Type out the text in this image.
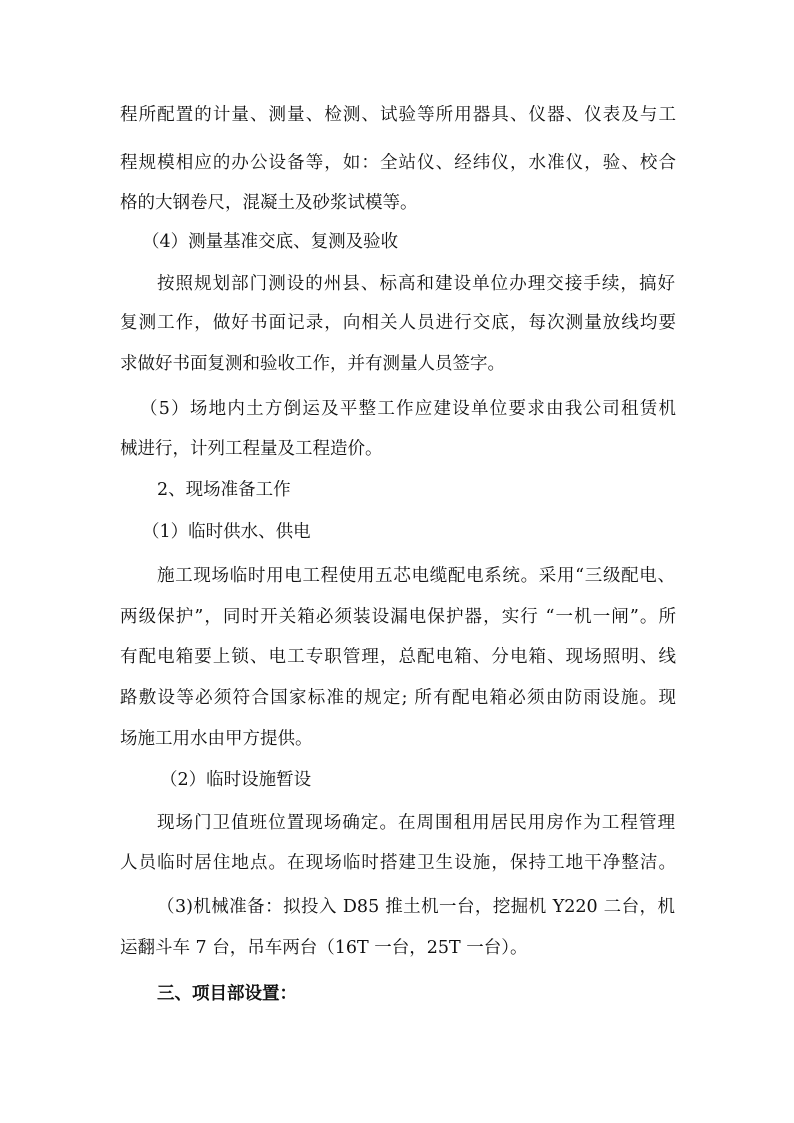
程所配置的计量、测量、检测、试验等所用器具、仪器、仪表及与工
程规模相应的办公设备等，如：全站仪、经纬仪，水准仪，验、校合
格的大钢卷尺，混凝土及砂浆试模等。
（4）测量基准交底、复测及验收
按照规划部门测设的州县、标高和建设单位办理交接手续，搞好
复测工作，做好书面记录，向相关人员进行交底，每次测量放线均要
求做好书面复测和验收工作，并有测量人员签字。
（5）场地内土方倒运及平整工作应建设单位要求由我公司租赁机
械进行，计列工程量及工程造价。
2、现场准备工作
（1）临时供水、供电
施工现场临时用电工程使用五芯电缆配电系统。采用“三级配电、
两级保护”，同时开关箱必须装设漏电保护器，实行 “一机一闸”。所
有配电箱要上锁、电工专职管理，总配电箱、分电箱、现场照明、线
路敷设等必须符合国家标准的规定; 所有配电箱必须由防雨设施。现
场施工用水由甲方提供。
（2）临时设施暂设
现场门卫值班位置现场确定。在周围租用居民用房作为工程管理
人员临时居住地点。在现场临时搭建卫生设施，保持工地干净整洁。
（3)机械准备：拟投入 D85 推土机一台，挖掘机 Y220 二台，机
运翻斗车 7 台，吊车两台（16T 一台，25T 一台）。
三、项目部设置：
